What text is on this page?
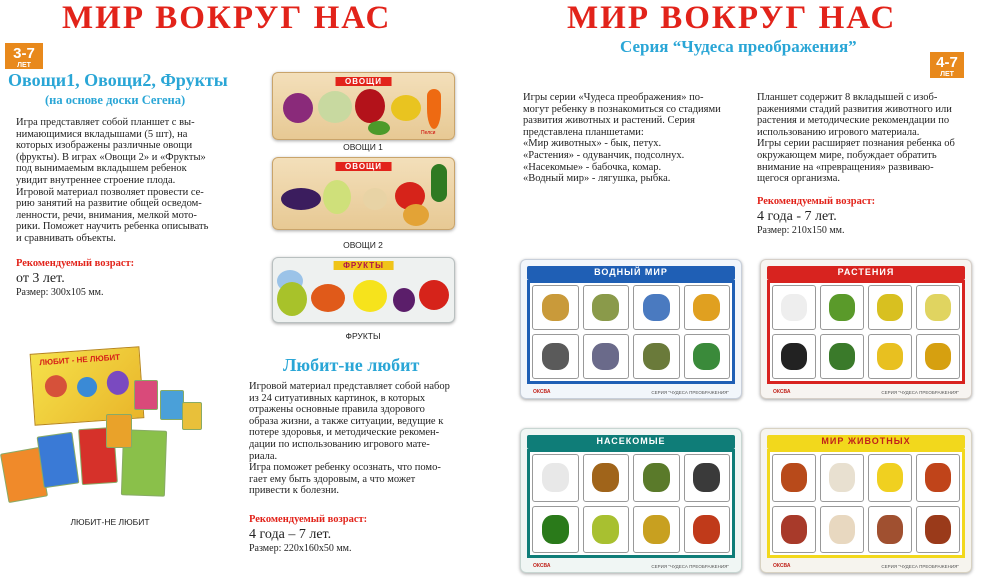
МИР ВОКРУГ НАС
3-7
ЛЕТ
Овощи1, Овощи2, Фрукты
(на основе доски Сегена)

Игра представляет собой планшет с вы-

нимающимися вкладышами (5 шт), на

которых изображены различные овощи

(фрукты). В играх «Овощи 2» и «Фрукты»

под вынимаемым вкладышем ребенок

увидит внутреннее строение плода.

Игровой материал позволяет провести се-

рию занятий на развитие общей осведом-

ленности, речи, внимания, мелкой мото-

рики. Поможет научить ребенка описывать

и сравнивать объекты.

Рекомендуемый возраст:
от 3 лет.
Размер: 300х105 мм.
ОВОЩИ
Пелси
ОВОЩИ 1
ОВОЩИ
ОВОЩИ 2
ФРУКТЫ
ФРУКТЫ
Любит-не любит

Игровой материал представляет собой набор

из 24 ситуативных картинок, в которых

отражены основные правила здорового

образа жизни, а также ситуации, ведущие к

потере здоровья, и методические рекомен-

дации по использованию игрового мате-

риала.

Игра поможет ребенку осознать, что помо-

гает ему быть здоровым, а что может

привести к болезни.

Рекомендуемый возраст:
4 года – 7 лет.
Размер: 220х160х50 мм.
ЛЮБИТ - НЕ ЛЮБИТ
ЛЮБИТ-НЕ ЛЮБИТ
МИР ВОКРУГ НАС
Серия “Чудеса преображения”
4-7
ЛЕТ

Игры серии «Чудеса преображения» по-

могут ребенку в познакомиться со стадиями

развития животных и растений. Серия

представлена планшетами:

«Мир животных» - бык, петух.

«Растения» - одуванчик, подсолнух.

«Насекомые» - бабочка, комар.

«Водный мир» - лягушка, рыбка.

Планшет содержит 8 вкладышей с изоб-

ражениями стадий развития животного или

растения и методические рекомендации по

использованию игрового материала.

Игры серии расширяет познания ребенка об

окружающем мире, побуждает обратить

внимание на «превращения» развиваю-

щегося организма.

Рекомендуемый возраст:
4 года - 7 лет.
Размер: 210х150 мм.
ВОДНЫЙ МИР
СЕРИЯ "ЧУДЕСА ПРЕОБРАЖЕНИЯ"
ОКСВА
РАСТЕНИЯ
СЕРИЯ "ЧУДЕСА ПРЕОБРАЖЕНИЯ"
ОКСВА
НАСЕКОМЫЕ
СЕРИЯ "ЧУДЕСА ПРЕОБРАЖЕНИЯ"
ОКСВА
МИР ЖИВОТНЫХ
СЕРИЯ "ЧУДЕСА ПРЕОБРАЖЕНИЯ"
ОКСВА
